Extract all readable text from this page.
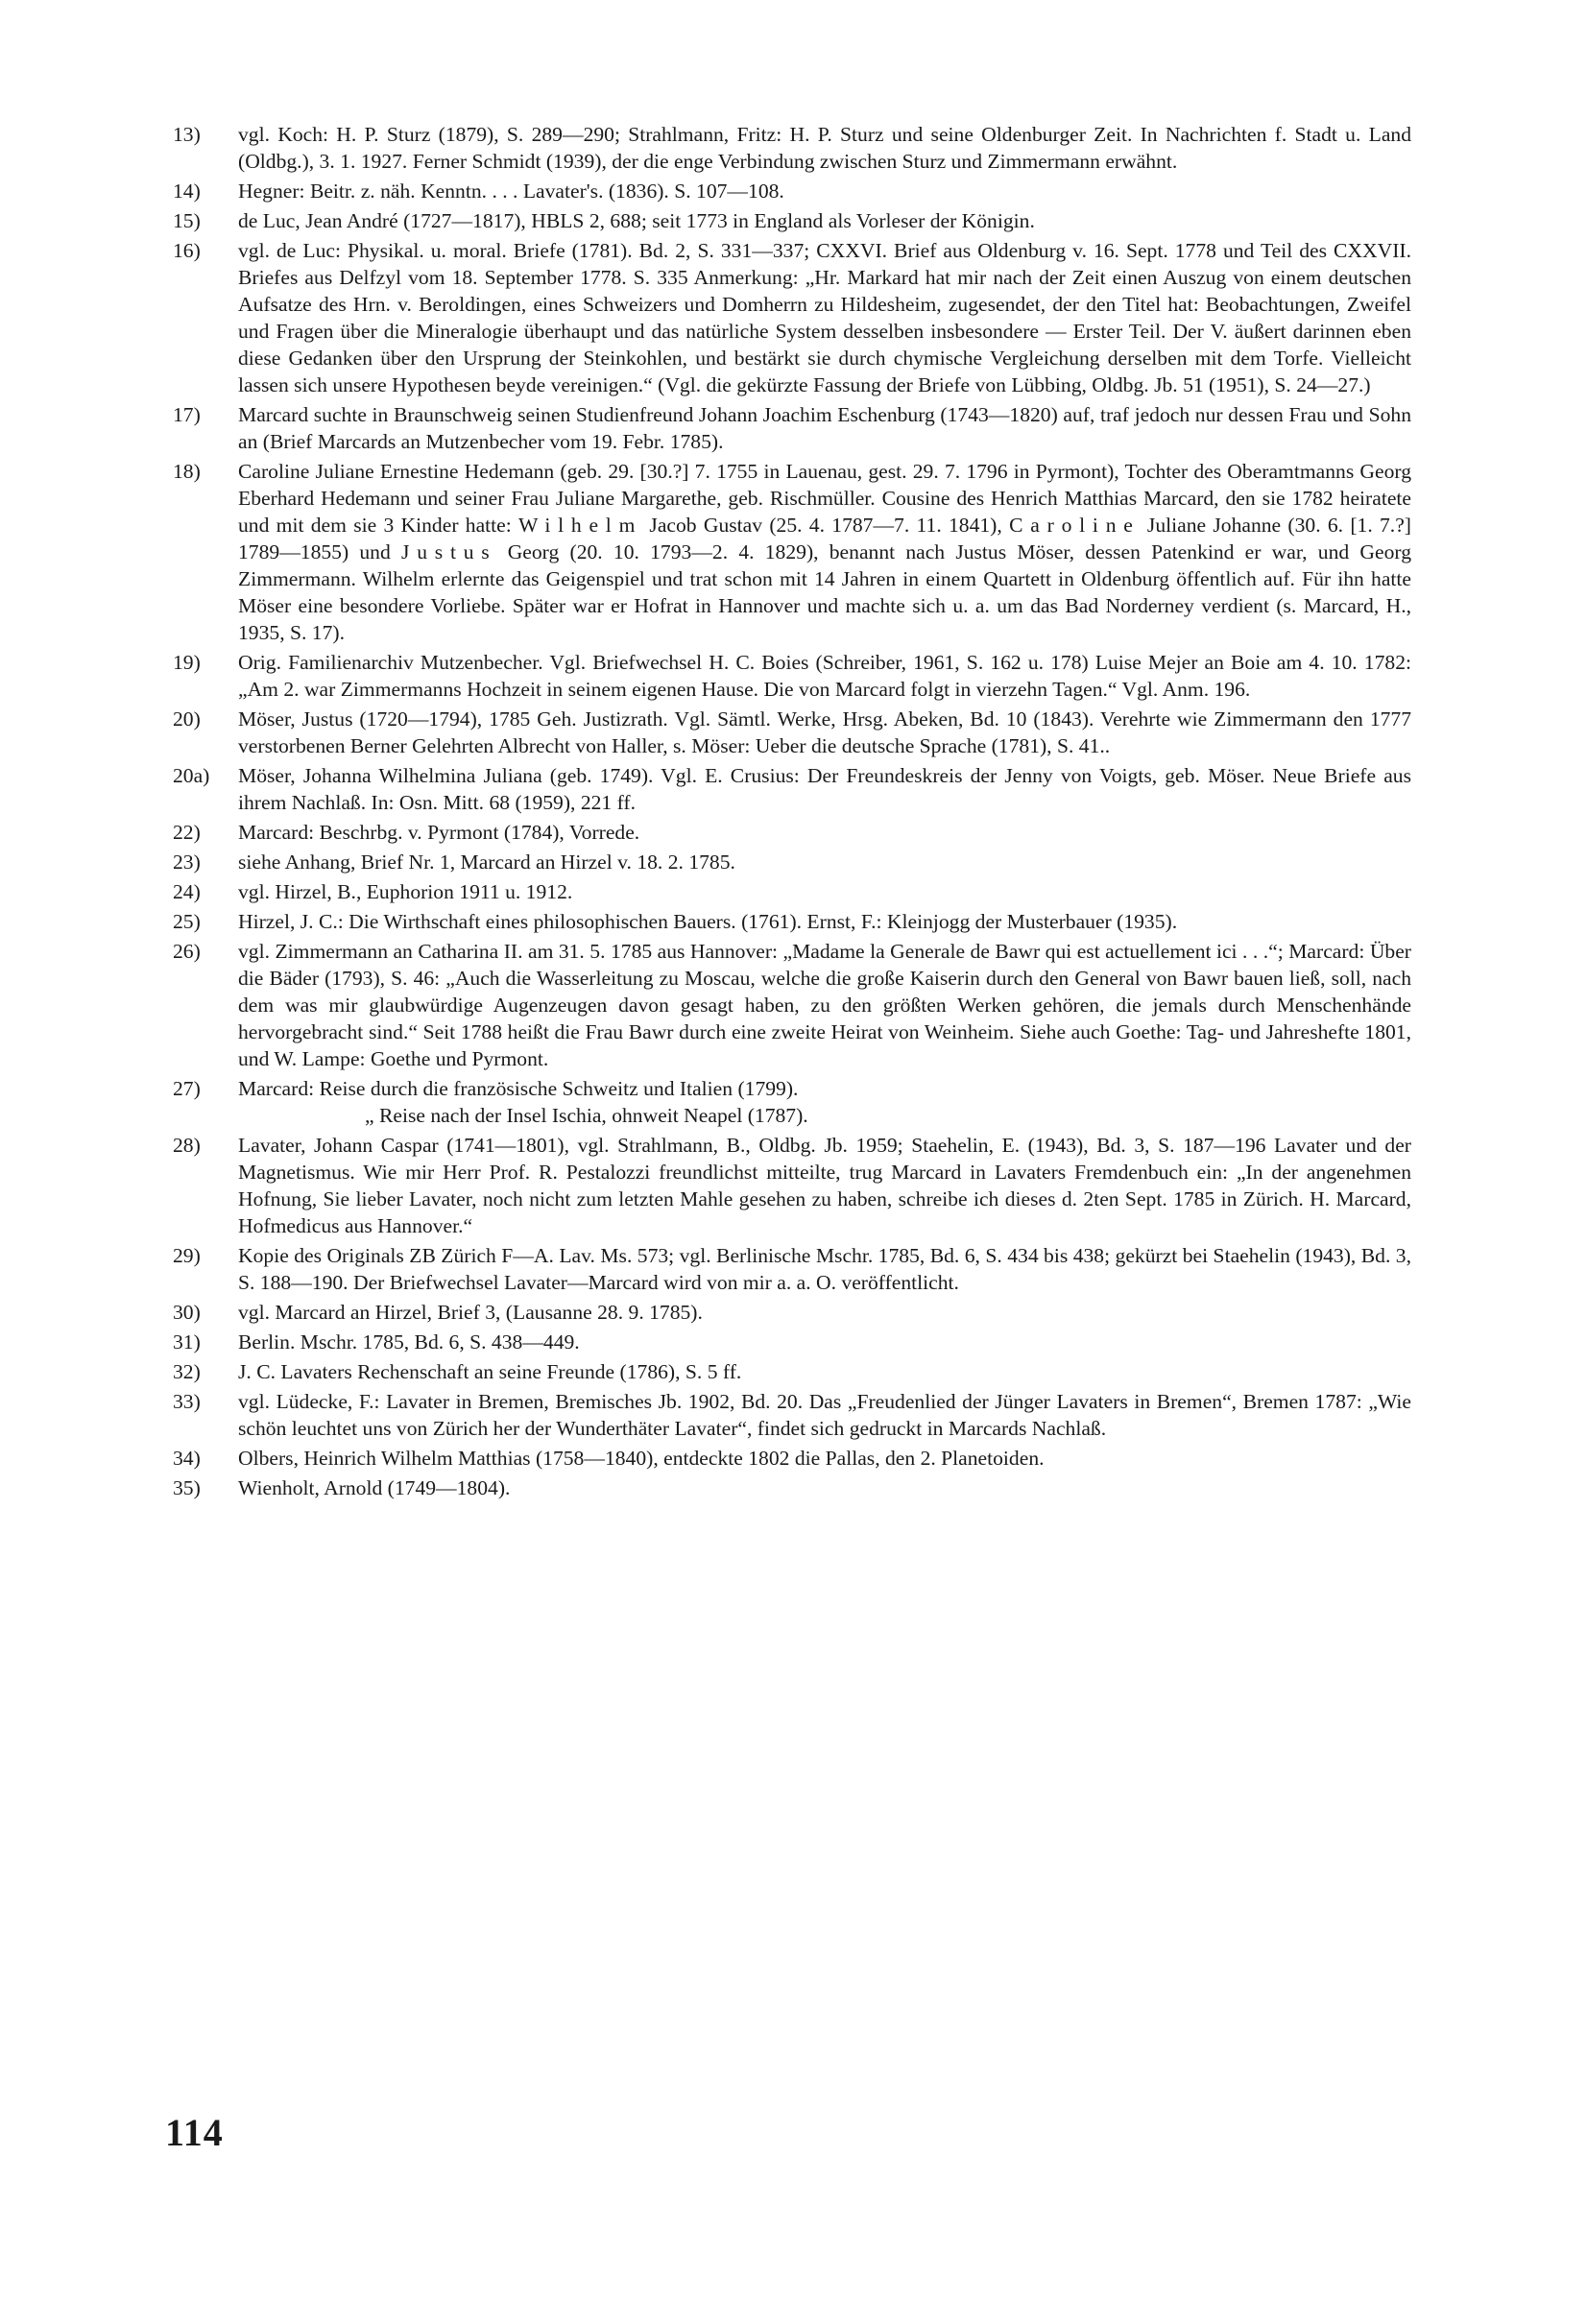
13)	vgl. Koch: H. P. Sturz (1879), S. 289—290; Strahlmann, Fritz: H. P. Sturz und seine Oldenburger Zeit. In Nachrichten f. Stadt u. Land (Oldbg.), 3. 1. 1927. Ferner Schmidt (1939), der die enge Verbindung zwischen Sturz und Zimmermann erwähnt.
14)	Hegner: Beitr. z. näh. Kenntn. . . . Lavater's. (1836). S. 107—108.
15)	de Luc, Jean André (1727—1817), HBLS 2, 688; seit 1773 in England als Vorleser der Königin.
16)	vgl. de Luc: Physikal. u. moral. Briefe (1781). Bd. 2, S. 331—337; CXXVI. Brief aus Oldenburg v. 16. Sept. 1778 und Teil des CXXVII. Briefes aus Delfzyl vom 18. September 1778. S. 335 Anmerkung: „Hr. Markard hat mir nach der Zeit einen Auszug von einem deutschen Aufsatze des Hrn. v. Beroldingen, eines Schweizers und Domherrn zu Hildesheim, zugesendet, der den Titel hat: Beobachtungen, Zweifel und Fragen über die Mineralogie überhaupt und das natürliche System desselben insbesondere — Erster Teil. Der V. äußert darinnen eben diese Gedanken über den Ursprung der Steinkohlen, und bestärkt sie durch chymische Vergleichung derselben mit dem Torfe. Vielleicht lassen sich unsere Hypothesen beyde vereinigen.“ (Vgl. die gekürzte Fassung der Briefe von Lübbing, Oldbg. Jb. 51 (1951), S. 24—27.)
17)	Marcard suchte in Braunschweig seinen Studienfreund Johann Joachim Eschenburg (1743—1820) auf, traf jedoch nur dessen Frau und Sohn an (Brief Marcards an Mutzenbecher vom 19. Febr. 1785).
18)	Caroline Juliane Ernestine Hedemann (geb. 29. [30.?] 7. 1755 in Lauenau, gest. 29. 7. 1796 in Pyrmont), Tochter des Oberamtmanns Georg Eberhard Hedemann und seiner Frau Juliane Margarethe, geb. Rischmüller. Cousine des Henrich Matthias Marcard, den sie 1782 heiratete und mit dem sie 3 Kinder hatte: Wilhelm Jacob Gustav (25. 4. 1787—7. 11. 1841), Caroline Juliane Johanne (30. 6. [1. 7.?] 1789—1855) und Justus Georg (20. 10. 1793—2. 4. 1829), benannt nach Justus Möser, dessen Patenkind er war, und Georg Zimmermann. Wilhelm erlernte das Geigenspiel und trat schon mit 14 Jahren in einem Quartett in Oldenburg öffentlich auf. Für ihn hatte Möser eine besondere Vorliebe. Später war er Hofrat in Hannover und machte sich u. a. um das Bad Norderney verdient (s. Marcard, H., 1935, S. 17).
19)	Orig. Familienarchiv Mutzenbecher. Vgl. Briefwechsel H. C. Boies (Schreiber, 1961, S. 162 u. 178) Luise Mejer an Boie am 4. 10. 1782: „Am 2. war Zimmermanns Hochzeit in seinem eigenen Hause. Die von Marcard folgt in vierzehn Tagen.“ Vgl. Anm. 196.
20)	Möser, Justus (1720—1794), 1785 Geh. Justizrath. Vgl. Sämtl. Werke, Hrsg. Abeken, Bd. 10 (1843). Verehrte wie Zimmermann den 1777 verstorbenen Berner Gelehrten Albrecht von Haller, s. Möser: Ueber die deutsche Sprache (1781), S. 41..
20a)	Möser, Johanna Wilhelmina Juliana (geb. 1749). Vgl. E. Crusius: Der Freundeskreis der Jenny von Voigts, geb. Möser. Neue Briefe aus ihrem Nachlaß. In: Osn. Mitt. 68 (1959), 221 ff.
22)	Marcard: Beschrbg. v. Pyrmont (1784), Vorrede.
23)	siehe Anhang, Brief Nr. 1, Marcard an Hirzel v. 18. 2. 1785.
24)	vgl. Hirzel, B., Euphorion 1911 u. 1912.
25)	Hirzel, J. C.: Die Wirthschaft eines philosophischen Bauers. (1761). Ernst, F.: Kleinjogg der Musterbauer (1935).
26)	vgl. Zimmermann an Catharina II. am 31. 5. 1785 aus Hannover: „Madame la Generale de Bawr qui est actuellement ici . . .“; Marcard: Über die Bäder (1793), S. 46: „Auch die Wasserleitung zu Moscau, welche die große Kaiserin durch den General von Bawr bauen ließ, soll, nach dem was mir glaubwürdige Augenzeugen davon gesagt haben, zu den größten Werken gehören, die jemals durch Menschenhände hervorgebracht sind.“ Seit 1788 heißt die Frau Bawr durch eine zweite Heirat von Weinheim. Siehe auch Goethe: Tag- und Jahreshefte 1801, und W. Lampe: Goethe und Pyrmont.
27)	Marcard: Reise durch die französische Schweitz und Italien (1799).
„ Reise nach der Insel Ischia, ohnweit Neapel (1787).
28)	Lavater, Johann Caspar (1741—1801), vgl. Strahlmann, B., Oldbg. Jb. 1959; Staehelin, E. (1943), Bd. 3, S. 187—196 Lavater und der Magnetismus. Wie mir Herr Prof. R. Pestalozzi freundlichst mitteilte, trug Marcard in Lavaters Fremdenbuch ein: „In der angenehmen Hofnung, Sie lieber Lavater, noch nicht zum letzten Mahle gesehen zu haben, schreibe ich dieses d. 2ten Sept. 1785 in Zürich. H. Marcard, Hofmedicus aus Hannover.“
29)	Kopie des Originals ZB Zürich F—A. Lav. Ms. 573; vgl. Berlinische Mschr. 1785, Bd. 6, S. 434 bis 438; gekürzt bei Staehelin (1943), Bd. 3, S. 188—190. Der Briefwechsel Lavater—Marcard wird von mir a. a. O. veröffentlicht.
30)	vgl. Marcard an Hirzel, Brief 3, (Lausanne 28. 9. 1785).
31)	Berlin. Mschr. 1785, Bd. 6, S. 438—449.
32)	J. C. Lavaters Rechenschaft an seine Freunde (1786), S. 5 ff.
33)	vgl. Lüdecke, F.: Lavater in Bremen, Bremisches Jb. 1902, Bd. 20. Das „Freudenlied der Jünger Lavaters in Bremen“, Bremen 1787: „Wie schön leuchtet uns von Zürich her der Wunderthäter Lavater“, findet sich gedruckt in Marcards Nachlaß.
34)	Olbers, Heinrich Wilhelm Matthias (1758—1840), entdeckte 1802 die Pallas, den 2. Planetoiden.
35)	Wienholt, Arnold (1749—1804).
114
